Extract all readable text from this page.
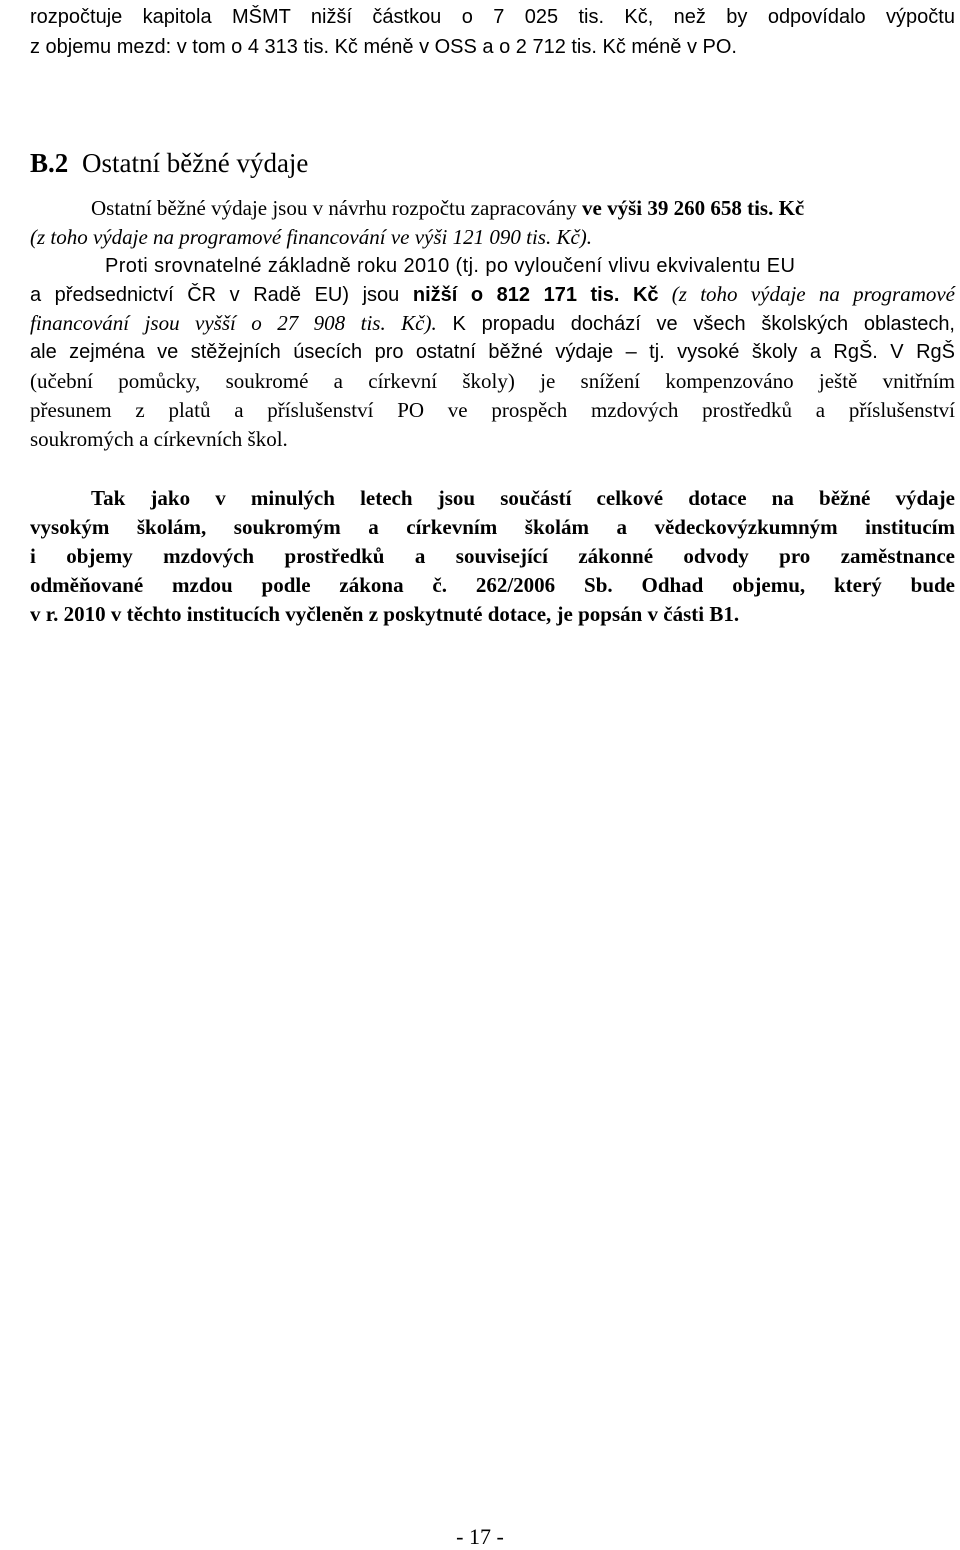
rozpočtuje kapitola MŠMT nižší částkou o 7 025 tis. Kč, než by odpovídalo výpočtu
z objemu mezd: v tom o 4 313 tis. Kč méně v OSS a o 2 712 tis. Kč méně v PO.
B.2 Ostatní běžné výdaje
Ostatní běžné výdaje jsou v návrhu rozpočtu zapracovány ve výši 39 260 658 tis. Kč
(z toho výdaje na programové financování ve výši 121 090 tis. Kč).
Proti srovnatelné základně roku 2010 (tj. po vyloučení vlivu ekvivalentu EU
a předsednictví ČR v Radě EU) jsou nižší o 812 171 tis. Kč (z toho výdaje na programové
financování jsou vyšší o 27 908 tis. Kč). K propadu dochází ve všech školských oblastech,
ale zejména ve stěžejních úsecích pro ostatní běžné výdaje – tj. vysoké školy a RgŠ. V RgŠ
(učební pomůcky, soukromé a církevní školy) je snížení kompenzováno ještě vnitřním
přesunem z platů a příslušenství PO ve prospěch mzdových prostředků a příslušenství
soukromých a církevních škol.
Tak jako v minulých letech jsou součástí celkové dotace na běžné výdaje
vysokým školám, soukromým a církevním školám a vědeckovýzkumným institucím
i objemy mzdových prostředků a související zákonné odvody pro zaměstnance
odměňované mzdou podle zákona č. 262/2006 Sb. Odhad objemu, který bude
v r. 2010 v těchto institucích vyčleněn z poskytnuté dotace, je popsán v části B1.
- 17 -
